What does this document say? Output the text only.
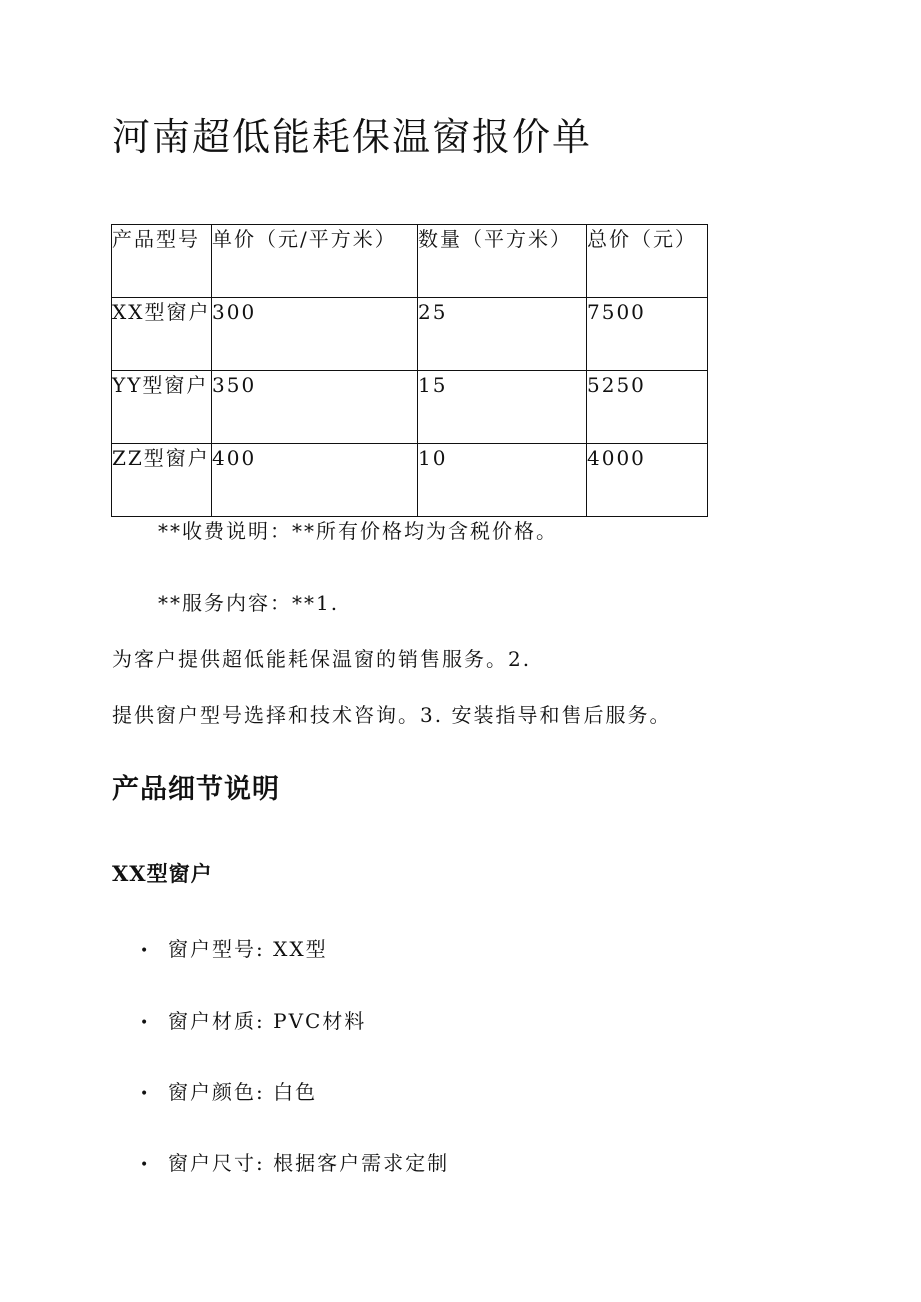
河南超低能耗保温窗报价单
产品型号	单价（元/平方米）	数量（平方米）	总价（元）
XX型窗户	300	25	7500
YY型窗户	350	15	5250
ZZ型窗户	400	10	4000

**收费说明：**所有价格均为含税价格。

**服务内容：**1.

为客户提供超低能耗保温窗的销售服务。2.

提供窗户型号选择和技术咨询。3. 安装指导和售后服务。

产品细节说明
XX型窗户
• 窗户型号: XX型
• 窗户材质: PVC材料
• 窗户颜色: 白色
• 窗户尺寸: 根据客户需求定制
